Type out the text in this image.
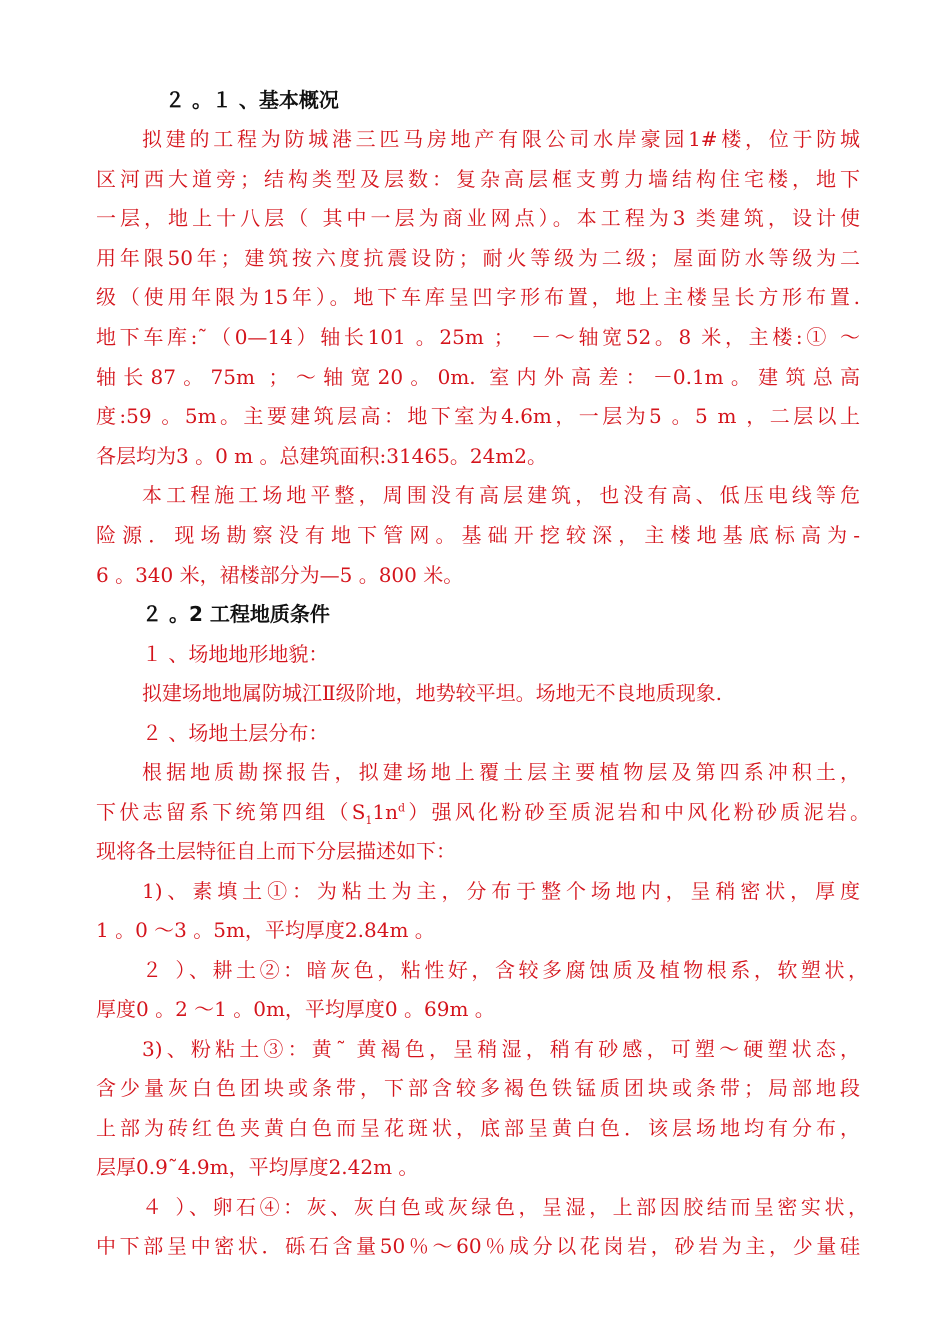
２ 。１ 、基本概况
拟建的工程为防城港三匹马房地产有限公司水岸豪园1#楼，位于防城
区河西大道旁；结构类型及层数：复杂高层框支剪力墙结构住宅楼，地下
一层，地上十八层（ 其中一层为商业网点）。本工程为3 类建筑，设计使
用年限50年；建筑按六度抗震设防；耐火等级为二级；屋面防水等级为二
级（使用年限为15年）。地下车库呈凹字形布置，地上主楼呈长方形布置.
地下车库:˜（0—14）轴长101 。25m ；　－～轴宽52。8 米，主楼:① ～
轴长87。75m ；～轴宽20。0m. 室内外高差：－0.1m。建筑总高
度:59 。5m。主要建筑层高：地下室为4.6m，一层为5 。5 m ，二层以上
各层均为3 。0 m 。总建筑面积:31465。24m2。
本工程施工场地平整，周围没有高层建筑，也没有高、低压电线等危
险源．现场勘察没有地下管网。基础开挖较深，主楼地基底标高为-
6 。340 米，裙楼部分为—5 。800 米。
２ 。2 工程地质条件
１ 、场地地形地貌：
拟建场地地属防城江Ⅱ级阶地，地势较平坦。场地无不良地质现象.
２ 、场地土层分布：
根据地质勘探报告，拟建场地上覆土层主要植物层及第四系冲积土，
下伏志留系下统第四组$(S_11n^d)$强风化粉砂至质泥岩和中风化粉砂质泥岩。
现将各土层特征自上而下分层描述如下：
1)、素填土①：为粘土为主，分布于整个场地内，呈稍密状，厚度
1 。0 ～3 。5m，平均厚度2.84m 。
２ ）、耕土②：暗灰色，粘性好，含较多腐蚀质及植物根系，软塑状，
厚度0 。2 ～1 。0m，平均厚度0 。69m 。
3)、粉粘土③：黄˜ 黄褐色，呈稍湿，稍有砂感，可塑～硬塑状态，
含少量灰白色团块或条带，下部含较多褐色铁锰质团块或条带；局部地段
上部为砖红色夹黄白色而呈花斑状，底部呈黄白色．该层场地均有分布，
层厚0.9˜4.9m，平均厚度2.42m 。
４ ）、卵石④：灰、灰白色或灰绿色，呈湿，上部因胶结而呈密实状，
中下部呈中密状．砾石含量50％～60％成分以花岗岩，砂岩为主，少量硅
